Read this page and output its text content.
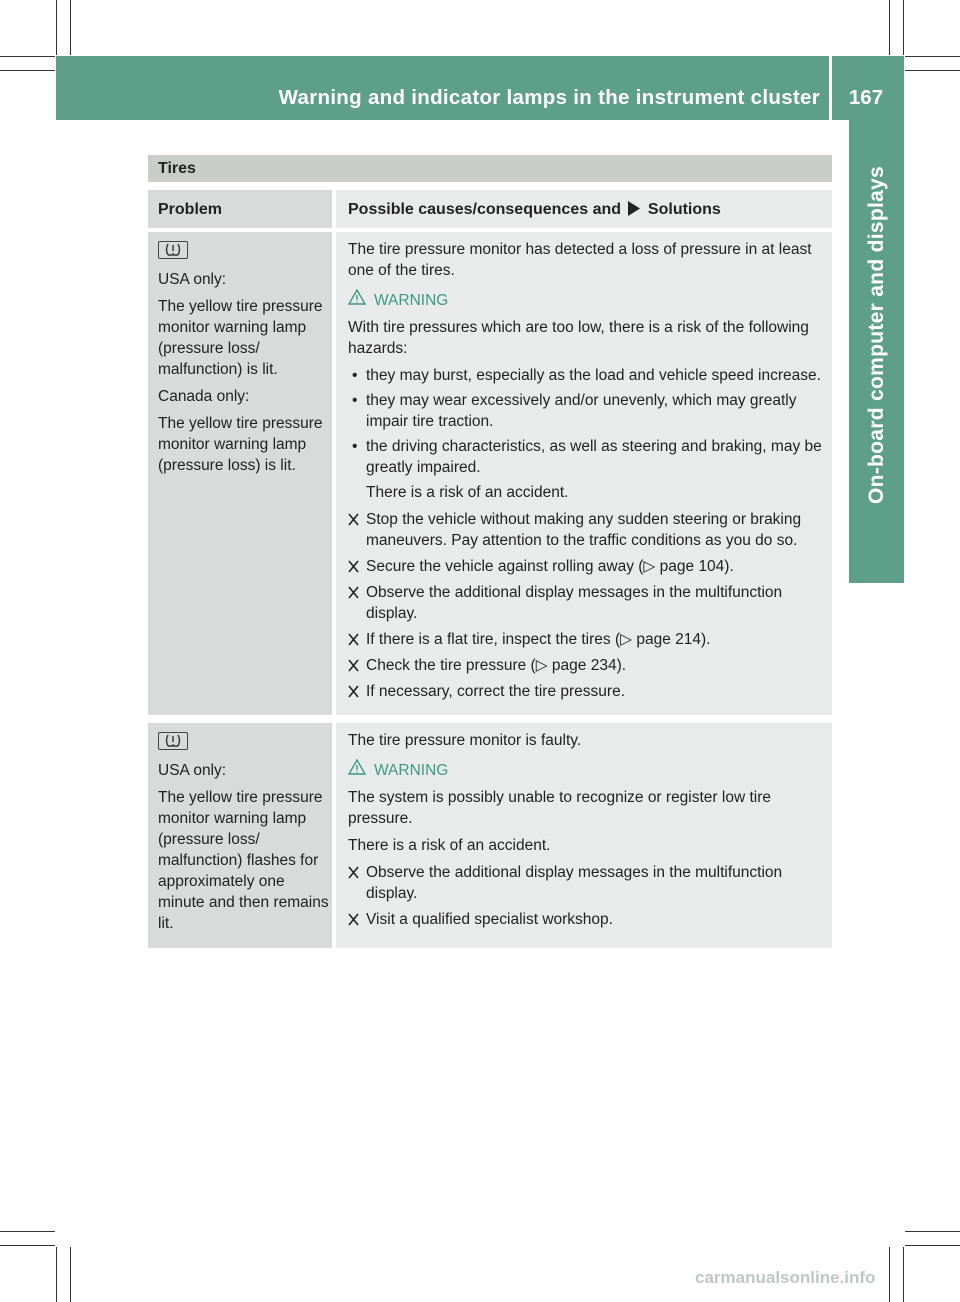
Warning and indicator lamps in the instrument cluster	167
On-board computer and displays
Tires
Problem	Possible causes/consequences and Solutions

USA only:

The yellow tire pressure monitor warning lamp (pressure loss/ malfunction) is lit.

Canada only:

The yellow tire pressure monitor warning lamp (pressure loss) is lit.

The tire pressure monitor has detected a loss of pressure in at least one of the tires.

WARNING

With tire pressures which are too low, there is a risk of the following hazards:

• they may burst, especially as the load and vehicle speed increase.
• they may wear excessively and/or unevenly, which may greatly impair tire traction.
• the driving characteristics, as well as steering and braking, may be greatly impaired.
There is a risk of an accident.
Stop the vehicle without making any sudden steering or braking maneuvers. Pay attention to the traffic conditions as you do so.
Secure the vehicle against rolling away (▷ page 104).
Observe the additional display messages in the multifunction display.
If there is a flat tire, inspect the tires (▷ page 214).
Check the tire pressure (▷ page 234).
If necessary, correct the tire pressure.

USA only:

The yellow tire pressure monitor warning lamp (pressure loss/ malfunction) flashes for approximately one minute and then remains lit.

The tire pressure monitor is faulty.

WARNING

The system is possibly unable to recognize or register low tire pressure.

There is a risk of an accident.

Observe the additional display messages in the multifunction display.
Visit a qualified specialist workshop.
carmanualsonline.info
